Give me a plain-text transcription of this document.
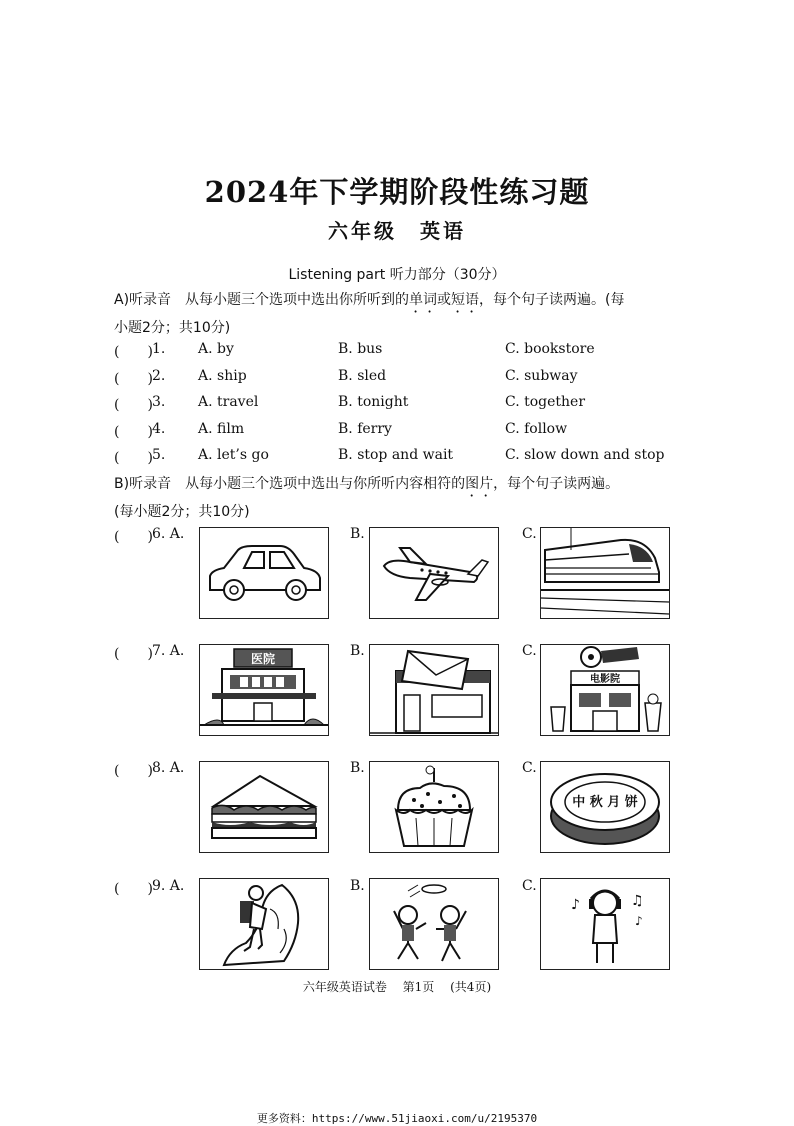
2024年下学期阶段性练习题
六年级　英语
Listening part 听力部分（30分）
A)听录音　从每小题三个选项中选出你所听到的单词或短语，每个句子读两遍。(每
小题2分；共10分)
(　　) 1. A. by	B. bus	C. bookstore
(　　) 2. A. ship	B. sled	C. subway
(　　) 3. A. travel	B. tonight	C. together
(　　) 4. A. film	B. ferry	C. follow
(　　) 5. A. let’s go	B. stop and wait	C. slow down and stop
B)听录音　从每小题三个选项中选出与你所听内容相符的图片，每个句子读两遍。
(每小题2分；共10分)
(　　) 6. A.	B.	C.
(　　) 7. A.	医院	B.	C.
电影院
(　　) 8. A.	B.	C.
中 秋 月 饼
(　　) 9. A.	B.	C.
♪	♫
♪
六年级英语试卷　 第1页　 (共4页)
更多资料：https://www.51jiaoxi.com/u/2195370
